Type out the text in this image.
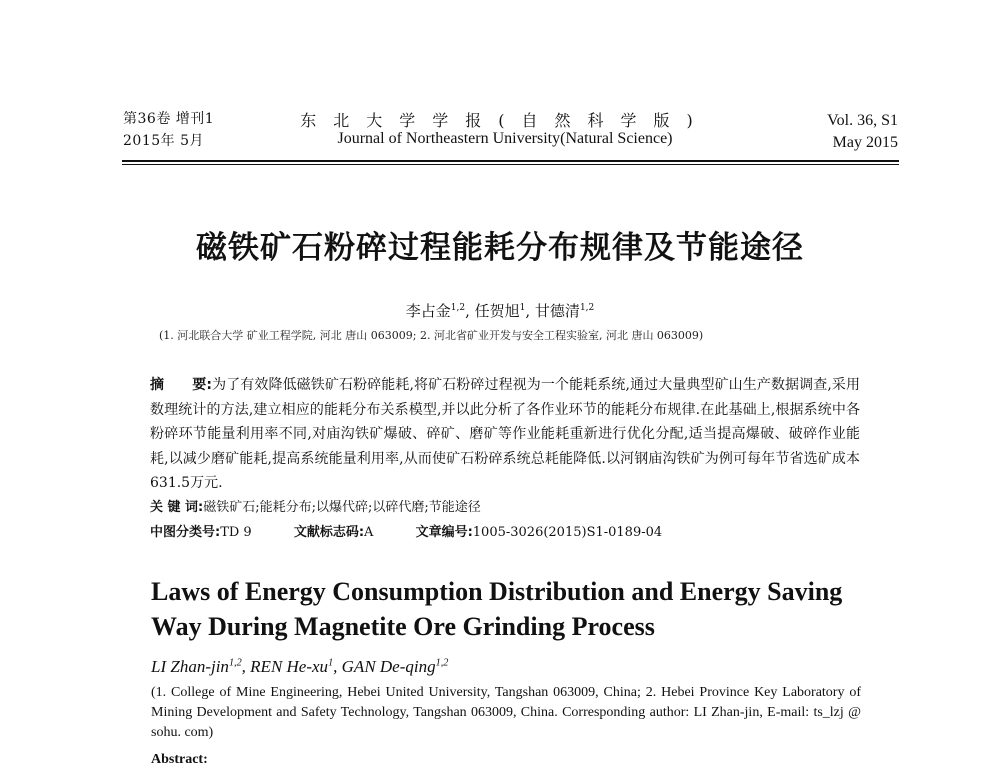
第36卷 增刊1
2015年 5月
东北大学学报(自然科学版)
Journal of Northeastern University(Natural Science)
Vol. 36, S1
May 2015
磁铁矿石粉碎过程能耗分布规律及节能途径
李占金$^{1,2}$, 任贺旭$^1$, 甘德清$^{1,2}$
(1. 河北联合大学 矿业工程学院, 河北 唐山 063009; 2. 河北省矿业开发与安全工程实验室, 河北 唐山 063009)
摘　　要:为了有效降低磁铁矿石粉碎能耗,将矿石粉碎过程视为一个能耗系统,通过大量典型矿山生产数据调查,采用数理统计的方法,建立相应的能耗分布关系模型,并以此分析了各作业环节的能耗分布规律.在此基础上,根据系统中各粉碎环节能量利用率不同,对庙沟铁矿爆破、碎矿、磨矿等作业能耗重新进行优化分配,适当提高爆破、破碎作业能耗,以减少磨矿能耗,提高系统能量利用率,从而使矿石粉碎系统总耗能降低.以河钢庙沟铁矿为例可每年节省选矿成本631.5万元.
关 键 词:磁铁矿石;能耗分布;以爆代碎;以碎代磨;节能途径
中图分类号:TD 9	文献标志码:A	文章编号:1005-3026(2015)S1-0189-04
Laws of Energy Consumption Distribution and Energy Saving Way During Magnetite Ore Grinding Process
LI Zhan-jin$^{1,2}$, REN $He-xu^1$, GAN De-qing$^{1,2}$
(1. College of Mine Engineering, Hebei United University, Tangshan 063009, China; 2. Hebei Province Key Laboratory of Mining Development and Safety Technology, Tangshan 063009, China. Corresponding author: LI Zhan-jin, E-mail: ts_lzj @ sohu. com)
Abstract:
